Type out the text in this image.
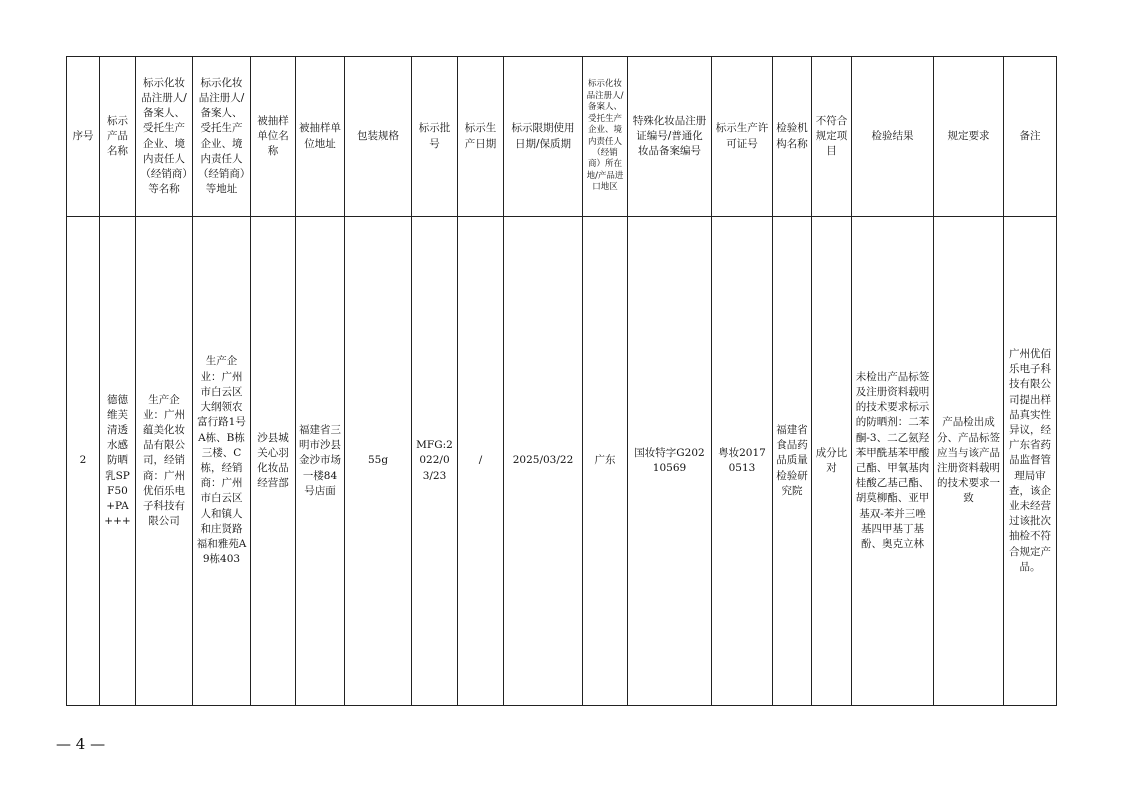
序号	标示产品名称	标示化妆品注册人/备案人、受托生产企业、境内责任人（经销商）等名称	标示化妆品注册人/备案人、受托生产企业、境内责任人（经销商）等地址	被抽样单位名称	被抽样单位地址	包装规格	标示批号	标示生产日期	标示限期使用日期/保质期	标示化妆品注册人/备案人、受托生产企业、境内责任人（经销商）所在地/产品进口地区	特殊化妆品注册证编号/普通化妆品备案编号	标示生产许可证号	检验机构名称	不符合规定项目	检验结果	规定要求	备注
2	德德维芙清透水感防晒乳SPF50+PA+++	生产企业：广州蕴美化妆品有限公司，经销商：广州优佰乐电子科技有限公司	生产企业：广州市白云区大纲领农富行路1号A栋、B栋三楼、C栋，经销商：广州市白云区人和镇人和庄贤路福和雅苑A9栋403	沙县城关心羽化妆品经营部	福建省三明市沙县金沙市场一楼84号店面	55g	MFG:2022/03/23	/	2025/03/22	广东	国妆特字G20210569	粤妆20170513	福建省食品药品质量检验研究院	成分比对	未检出产品标签及注册资料载明的技术要求标示的防晒剂：二苯酮-3、二乙氨羟苯甲酰基苯甲酸己酯、甲氧基肉桂酸乙基己酯、胡莫柳酯、亚甲基双-苯并三唑基四甲基丁基酚、奥克立林	产品检出成分、产品标签应当与该产品注册资料载明的技术要求一致	广州优佰乐电子科技有限公司提出样品真实性异议，经广东省药品监督管理局审查，该企业未经营过该批次抽检不符合规定产品。
— 4 —
